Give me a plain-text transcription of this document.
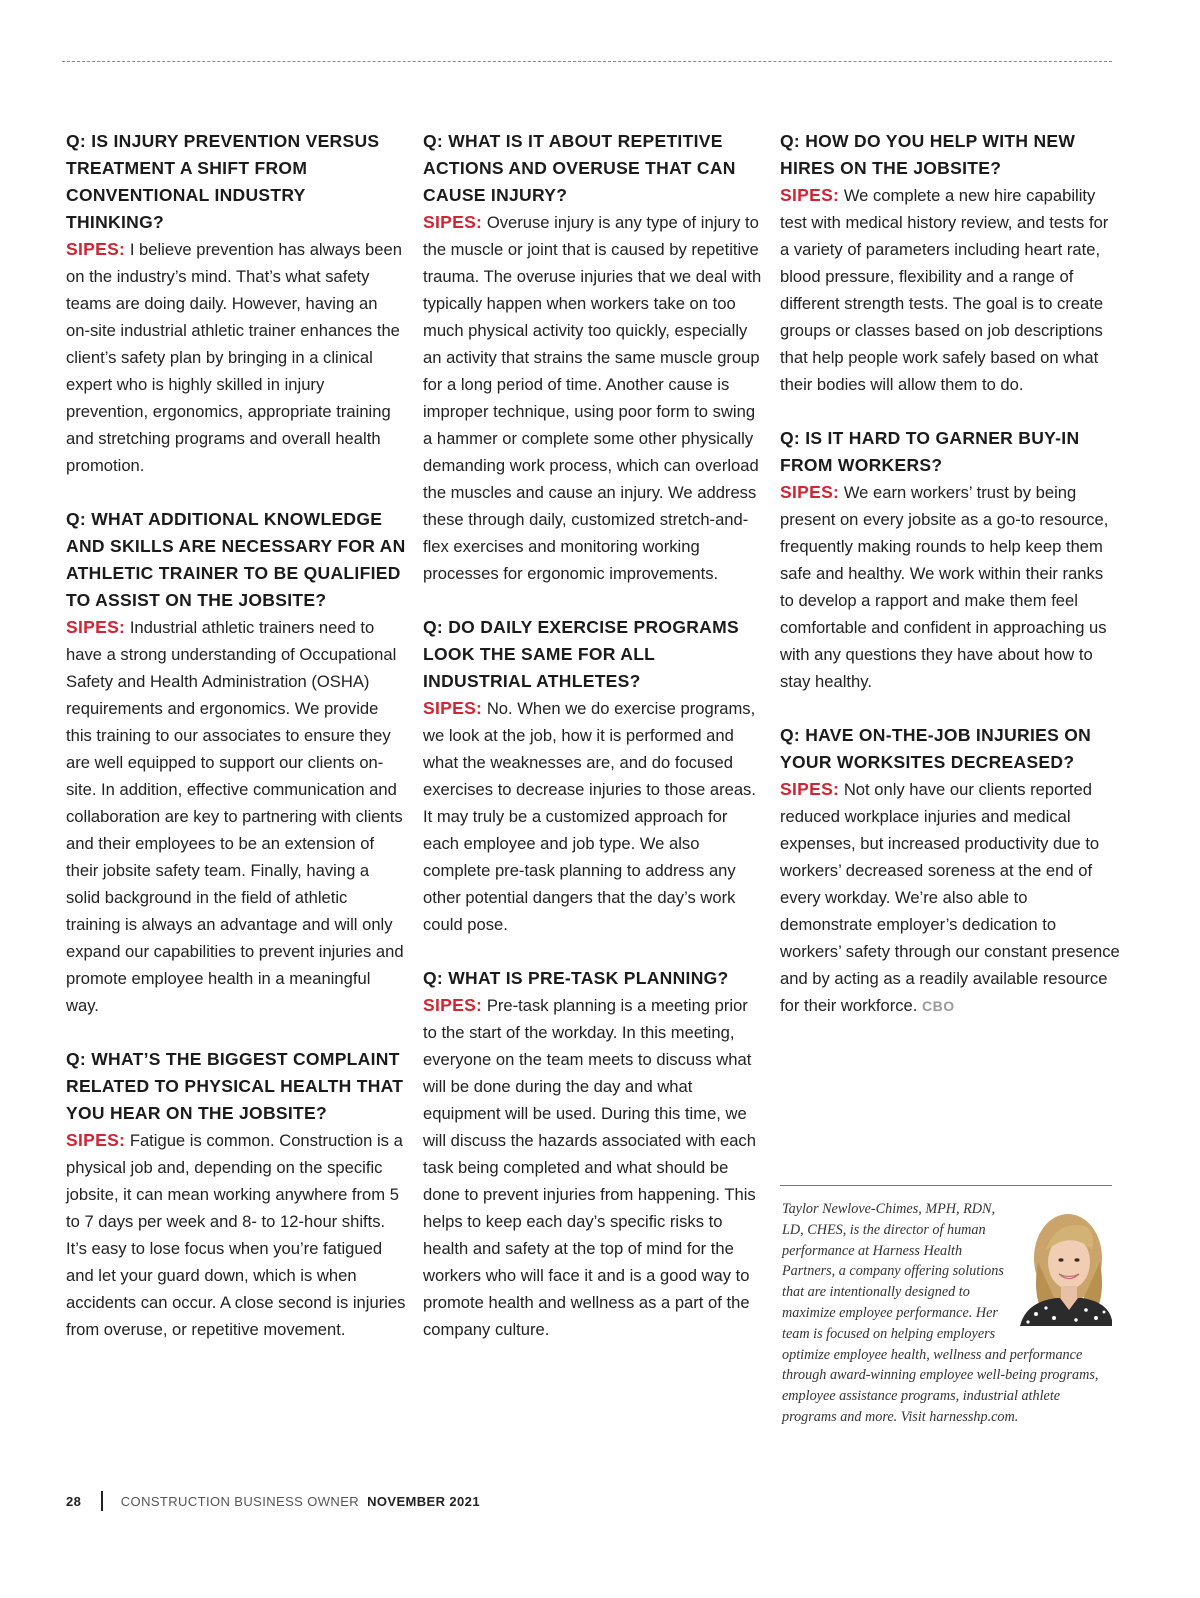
Q: IS INJURY PREVENTION VERSUS TREATMENT A SHIFT FROM CONVENTIONAL INDUSTRY THINKING?

SIPES: I believe prevention has always been on the industry’s mind. That’s what safety teams are doing daily. However, having an on-site industrial athletic trainer enhances the client’s safety plan by bringing in a clinical expert who is highly skilled in injury prevention, ergonomics, appropriate training and stretching programs and overall health promotion.

Q: WHAT ADDITIONAL KNOWLEDGE AND SKILLS ARE NECESSARY FOR AN ATHLETIC TRAINER TO BE QUALIFIED TO ASSIST ON THE JOBSITE?

SIPES: Industrial athletic trainers need to have a strong understanding of Occupational Safety and Health Administration (OSHA) requirements and ergonomics. We provide this training to our associates to ensure they are well equipped to support our clients on-site. In addition, effective communication and collaboration are key to partnering with clients and their employees to be an extension of their jobsite safety team. Finally, having a solid background in the field of athletic training is always an advantage and will only expand our capabilities to prevent injuries and promote employee health in a meaningful way.

Q: WHAT’S THE BIGGEST COMPLAINT RELATED TO PHYSICAL HEALTH THAT YOU HEAR ON THE JOBSITE?

SIPES: Fatigue is common. Construction is a physical job and, depending on the specific jobsite, it can mean working anywhere from 5 to 7 days per week and 8- to 12-hour shifts. It’s easy to lose focus when you’re fatigued and let your guard down, which is when accidents can occur. A close second is injuries from overuse, or repetitive movement.

Q: WHAT IS IT ABOUT REPETITIVE ACTIONS AND OVERUSE THAT CAN CAUSE INJURY?

SIPES: Overuse injury is any type of injury to the muscle or joint that is caused by repetitive trauma. The overuse injuries that we deal with typically happen when workers take on too much physical activity too quickly, especially an activity that strains the same muscle group for a long period of time. Another cause is improper technique, using poor form to swing a hammer or complete some other physically demanding work process, which can overload the muscles and cause an injury. We address these through daily, customized stretch-and-flex exercises and monitoring working processes for ergonomic improvements.

Q: DO DAILY EXERCISE PROGRAMS LOOK THE SAME FOR ALL INDUSTRIAL ATHLETES?

SIPES: No. When we do exercise programs, we look at the job, how it is performed and what the weaknesses are, and do focused exercises to decrease injuries to those areas. It may truly be a customized approach for each employee and job type. We also complete pre-task planning to address any other potential dangers that the day’s work could pose.

Q: WHAT IS PRE-TASK PLANNING?

SIPES: Pre-task planning is a meeting prior to the start of the workday. In this meeting, everyone on the team meets to discuss what will be done during the day and what equipment will be used. During this time, we will discuss the hazards associated with each task being completed and what should be done to prevent injuries from happening. This helps to keep each day’s specific risks to health and safety at the top of mind for the workers who will face it and is a good way to promote health and wellness as a part of the company culture.

Q: HOW DO YOU HELP WITH NEW HIRES ON THE JOBSITE?

SIPES: We complete a new hire capability test with medical history review, and tests for a variety of parameters including heart rate, blood pressure, flexibility and a range of different strength tests. The goal is to create groups or classes based on job descriptions that help people work safely based on what their bodies will allow them to do.

Q: IS IT HARD TO GARNER BUY-IN FROM WORKERS?

SIPES: We earn workers’ trust by being present on every jobsite as a go-to resource, frequently making rounds to help keep them safe and healthy. We work within their ranks to develop a rapport and make them feel comfortable and confident in approaching us with any questions they have about how to stay healthy.

Q: HAVE ON-THE-JOB INJURIES ON YOUR WORKSITES DECREASED?

SIPES: Not only have our clients reported reduced workplace injuries and medical expenses, but increased productivity due to workers’ decreased soreness at the end of every workday. We’re also able to demonstrate employer’s dedication to workers’ safety through our constant presence and by acting as a readily available resource for their workforce. CBO

Taylor Newlove-Chimes, MPH, RDN, LD, CHES, is the director of human performance at Harness Health Partners, a company offering solutions that are intentionally designed to maximize employee performance. Her team is focused on helping employers optimize employee health, wellness and performance through award-winning employee well-being programs, employee assistance programs, industrial athlete programs and more. Visit harnesshp.com.
28	CONSTRUCTION BUSINESS OWNER NOVEMBER 2021
